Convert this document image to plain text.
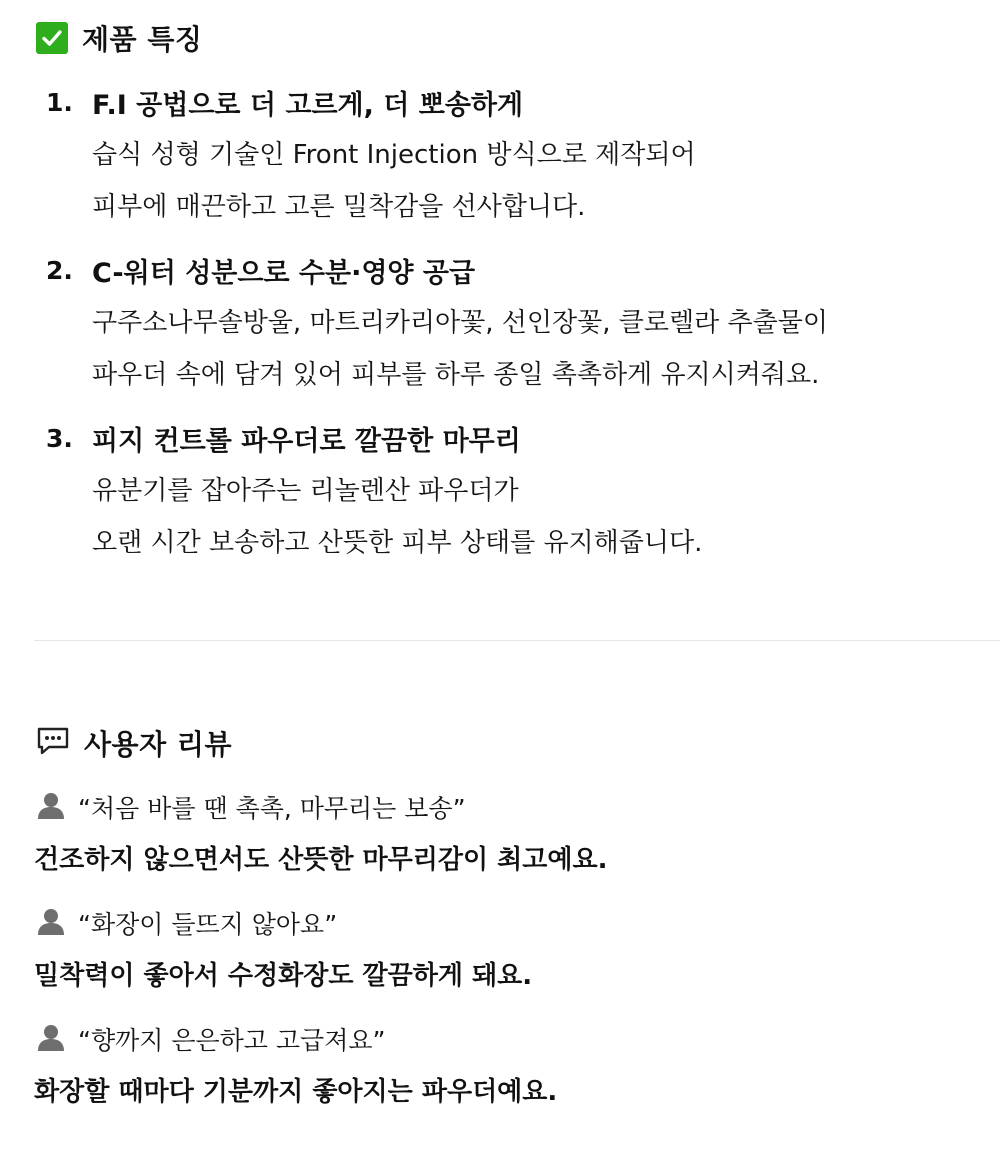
제품 특징
1. F.I 공법으로 더 고르게, 더 뽀송하게
습식 성형 기술인 Front Injection 방식으로 제작되어
피부에 매끈하고 고른 밀착감을 선사합니다.
2. C-워터 성분으로 수분·영양 공급
구주소나무솔방울, 마트리카리아꽃, 선인장꽃, 클로렐라 추출물이
파우더 속에 담겨 있어 피부를 하루 종일 촉촉하게 유지시켜줘요.
3. 피지 컨트롤 파우더로 깔끔한 마무리
유분기를 잡아주는 리놀렌산 파우더가
오랜 시간 보송하고 산뜻한 피부 상태를 유지해줍니다.
사용자 리뷰
“처음 바를 땐 촉촉, 마무리는 보송”
건조하지 않으면서도 산뜻한 마무리감이 최고예요.
“화장이 들뜨지 않아요”
밀착력이 좋아서 수정화장도 깔끔하게 돼요.
“향까지 은은하고 고급져요”
화장할 때마다 기분까지 좋아지는 파우더예요.
